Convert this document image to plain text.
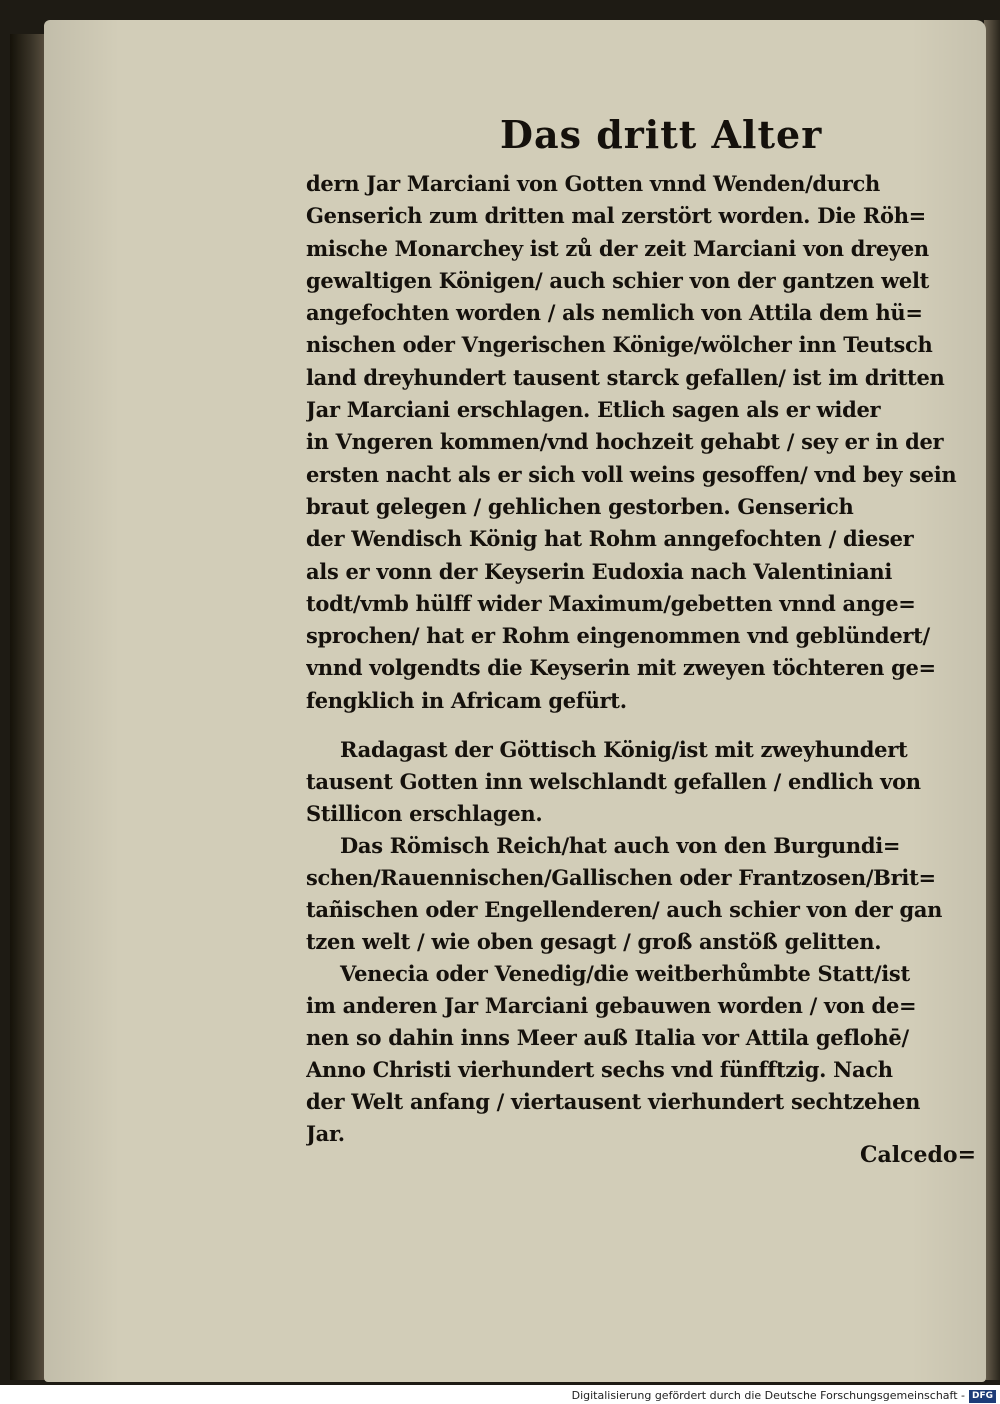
Das dritt Alter
dern Jar Marciani von Gotten vnnd Wenden/durch
Genserich zum dritten mal zerstört worden. Die Röh=
mische Monarchey ist zů der zeit Marciani von dreyen
gewaltigen Königen/ auch schier von der gantzen welt
angefochten worden / als nemlich von Attila dem hü=
nischen oder Vngerischen Könige/wölcher inn Teutsch
land dreyhundert tausent starck gefallen/ ist im dritten
Jar Marciani erschlagen. Etlich sagen als er wider
in Vngeren kommen/vnd hochzeit gehabt / sey er in der
ersten nacht als er sich voll weins gesoffen/ vnd bey sein
braut gelegen / gehlichen gestorben. Genserich
der Wendisch König hat Rohm anngefochten / dieser
als er vonn der Keyserin Eudoxia nach Valentiniani
todt/vmb hülff wider Maximum/gebetten vnnd ange=
sprochen/ hat er Rohm eingenommen vnd geblündert/
vnnd volgendts die Keyserin mit zweyen töchteren ge=
fengklich in Africam gefürt.
Radagast der Göttisch König/ist mit zweyhundert
tausent Gotten inn welschlandt gefallen / endlich von
Stillicon erschlagen.
Das Römisch Reich/hat auch von den Burgundi=
schen/Rauennischen/Gallischen oder Frantzosen/Brit=
tañischen oder Engellenderen/ auch schier von der gan
tzen welt / wie oben gesagt / groß anstöß gelitten.
Venecia oder Venedig/die weitberhůmbte Statt/ist
im anderen Jar Marciani gebauwen worden / von de=
nen so dahin inns Meer auß Italia vor Attila geflohē/
Anno Christi vierhundert sechs vnd fünfftzig. Nach
der Welt anfang / viertausent vierhundert sechtzehen
Jar.
Calcedo=
Digitalisierung gefördert durch die Deutsche Forschungsgemeinschaft - DFG
